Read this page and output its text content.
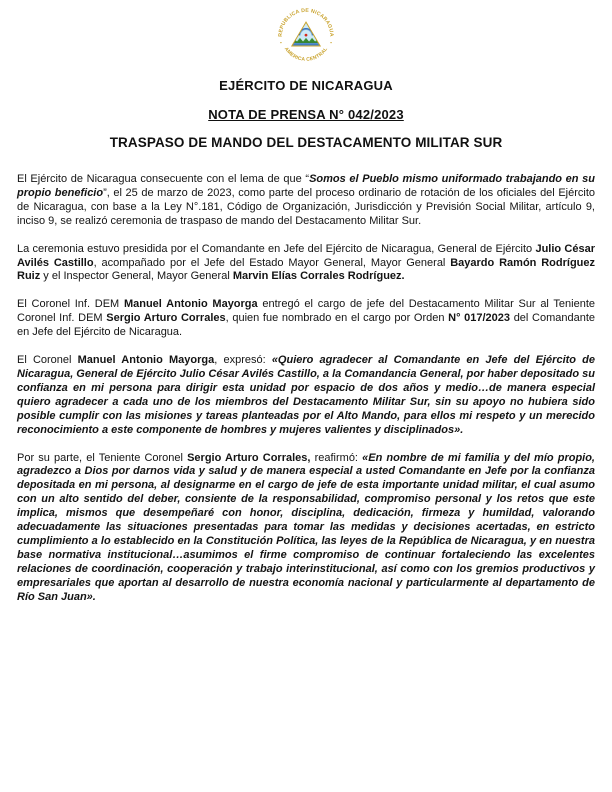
REPUBLICA DE NICARAGUA
AMERICA CENTRAL
EJÉRCITO DE NICARAGUA
NOTA DE PRENSA N° 042/2023
TRASPASO DE MANDO DEL DESTACAMENTO MILITAR SUR

El Ejército de Nicaragua consecuente con el lema de que “Somos el Pueblo mismo uniformado trabajando en su propio beneficio”, el 25 de marzo de 2023, como parte del proceso ordinario de rotación de los oficiales del Ejército de Nicaragua, con base a la Ley N°.181, Código de Organización, Jurisdicción y Previsión Social Militar, artículo 9, inciso 9, se realizó ceremonia de traspaso de mando del Destacamento Militar Sur.

La ceremonia estuvo presidida por el Comandante en Jefe del Ejército de Nicaragua, General de Ejército Julio César Avilés Castillo, acompañado por el Jefe del Estado Mayor General, Mayor General Bayardo Ramón Rodríguez Ruiz y el Inspector General, Mayor General Marvin Elías Corrales Rodríguez.

El Coronel Inf. DEM Manuel Antonio Mayorga entregó el cargo de jefe del Destacamento Militar Sur al Teniente Coronel Inf. DEM Sergio Arturo Corrales, quien fue nombrado en el cargo por Orden N° 017/2023 del Comandante en Jefe del Ejército de Nicaragua.

El Coronel Manuel Antonio Mayorga, expresó: «Quiero agradecer al Comandante en Jefe del Ejército de Nicaragua, General de Ejército Julio César Avilés Castillo, a la Comandancia General, por haber depositado su confianza en mi persona para dirigir esta unidad por espacio de dos años y medio…de manera especial quiero agradecer a cada uno de los miembros del Destacamento Militar Sur, sin su apoyo no hubiera sido posible cumplir con las misiones y tareas planteadas por el Alto Mando, para ellos mi respeto y un merecido reconocimiento a este componente de hombres y mujeres valientes y disciplinados».

Por su parte, el Teniente Coronel Sergio Arturo Corrales, reafirmó: «En nombre de mi familia y del mío propio, agradezco a Dios por darnos vida y salud y de manera especial a usted Comandante en Jefe por la confianza depositada en mi persona, al designarme en el cargo de jefe de esta importante unidad militar, el cual asumo con un alto sentido del deber, consiente de la responsabilidad, compromiso personal y los retos que este implica, mismos que desempeñaré con honor, disciplina, dedicación, firmeza y humildad, valorando adecuadamente las situaciones presentadas para tomar las medidas y decisiones acertadas, en estricto cumplimiento a lo establecido en la Constitución Política, las leyes de la República de Nicaragua, y en nuestra base normativa institucional…asumimos el firme compromiso de continuar fortaleciendo las excelentes relaciones de coordinación, cooperación y trabajo interinstitucional, así como con los gremios productivos y empresariales que aportan al desarrollo de nuestra economía nacional y particularmente al departamento de Río San Juan».
